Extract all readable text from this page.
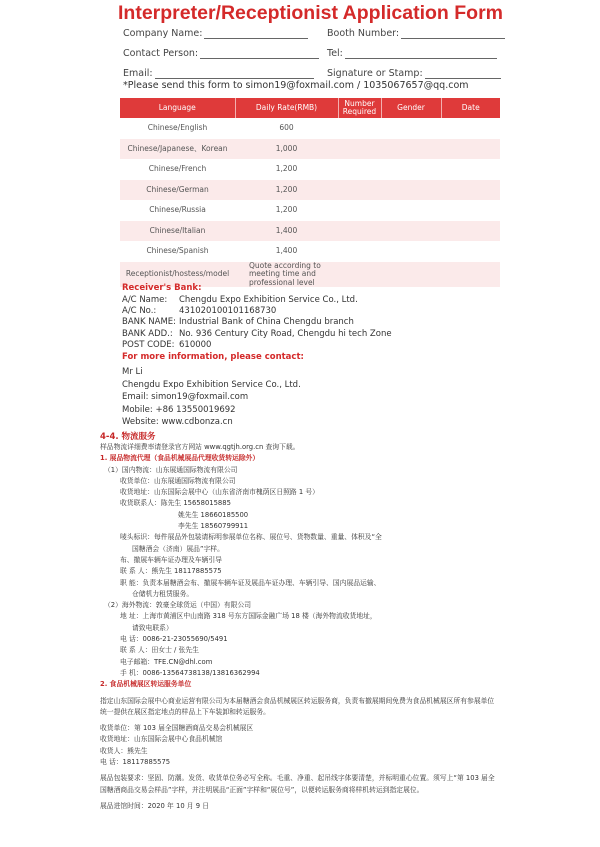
Interpreter/Receptionist Application Form
Company Name:	Booth Number:
Contact Person:	Tel:
Email:	Signature or Stamp:
*Please send this form to simon19@foxmail.com / 1035067657@qq.com
Language	Daily Rate(RMB)	Number Required	Gender	Date
Chinese/English	600			
Chinese/Japanese、Korean	1,000			
Chinese/French	1,200			
Chinese/German	1,200			
Chinese/Russia	1,200			
Chinese/Italian	1,400			
Chinese/Spanish	1,400			
Receptionist/hostess/model	Quote according to meeting time and professional level			
Receiver's Bank:
A/C Name:	Chengdu Expo Exhibition Service Co., Ltd.
A/C No.:	431020100101168730
BANK NAME: Industrial Bank of China Chengdu branch
BANK ADD.: No. 936 Century City Road, Chengdu hi tech Zone
POST CODE: 610000
For more information, please contact:
Mr Li
Chengdu Expo Exhibition Service Co., Ltd.
Email: simon19@foxmail.com
Mobile: +86 13550019692
Website: www.cdbonza.cn
4-4. 物流服务
样品物流详细费率请登录官方网站 www.qgtjh.org.cn 查询下载。
1. 展品物流代理（食品机械展品代理收货转运除外）
（1）国内物流：山东展通国际物流有限公司
收货单位：山东展通国际物流有限公司
收货地址：山东国际会展中心（山东省济南市槐荫区日照路 1 号）
收货联系人：陈先生 15658015885
姚先生 18660185500
李先生 18560799911
唛头标识：每件展品外包装请标明参展单位名称、展位号、货物数量、重量、体积及“全
国糖酒会（济南）展品”字样。
布、撤展车辆车证办理及车辆引导
联 系 人：熊先生 18117885575
职 能：负责本届糖酒会布、撤展车辆车证及展品车证办理、车辆引导、国内展品运输、
仓储机力租赁服务。
（2）海外物流：敦豪全球货运（中国）有限公司
地 址：上海市黄浦区中山南路 318 号东方国际金融广场 18 楼（海外物流收货地址，
请致电联系）
电 话：0086-21-23055690/5491
联 系 人：田女士 / 张先生
电子邮箱：TFE.CN@dhl.com
手 机：0086-13564738138/13816362994
2. 食品机械展区转运服务单位
指定山东国际会展中心商业运营有限公司为本届糖酒会食品机械展区转运服务商，负责布撤展期间免费为食品机械展区所有参展单位统一提供在展区指定地点的样品上下车装卸和转运服务。
收货单位：第 103 届全国糖酒商品交易会机械展区
收货地址：山东国际会展中心食品机械馆
收货人：熊先生
电 话：18117885575
展品包装要求：坚固、防潮。发货、收货单位务必写全称。毛重、净重、起吊线字体要清楚，并标明重心位置。须写上“第 103 届全国糖酒商品交易会样品”字样，并注明展品“正面”字样和“展位号”，以便转运服务商将样机转运到指定展位。
展品进馆时间：2020 年 10 月 9 日
